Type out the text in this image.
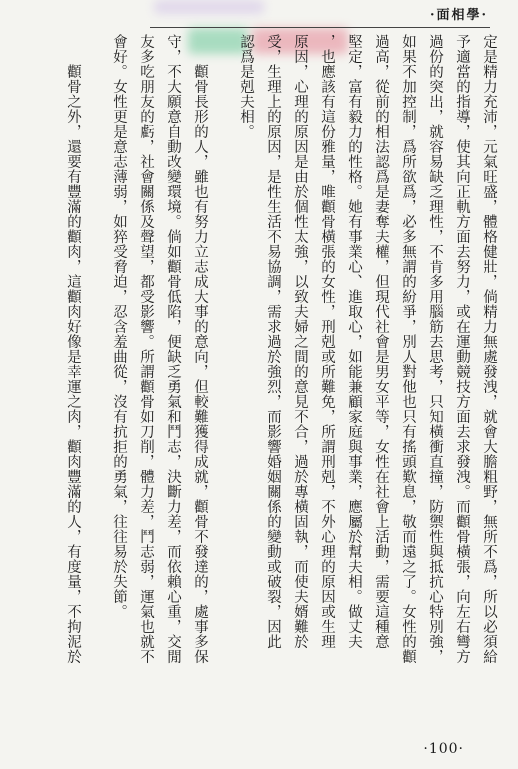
·面相學·
定是精力充沛，元氣旺盛，體格健壯，倘精力無處發洩，就會大膽粗野，無所不爲，所以必須給
予適當的指導，使其向正軌方面去努力，或在運動競技方面去求發洩。而顴骨橫張，向左右彎方
過份的突出，就容易缺乏理性，不肯多用腦筋去思考，只知橫衝直撞，防禦性與抵抗心特別強，
如果不加控制，爲所欲爲，必多無謂的紛爭，別人對他也只有搖頭歎息，敬而遠之了。女性的顴
過高，從前的相法認爲是妻奪夫權，但現代社會是男女平等，女性在社會上活動，需要這種意
堅定，富有毅力的性格。她有事業心、進取心，如能兼顧家庭與事業，應屬於幫夫相。做丈夫
，也應該有這份雅量，唯顴骨橫張的女性，刑剋或所難免，所謂刑剋，不外心理的原因或生理
原因，心理的原因是由於個性太強，以致夫婦之間的意見不合，過於專橫固執，而使夫婿難於
受，生理上的原因，是性生活不易協調，需求過於強烈，而影響婚姻關係的變動或破裂，因此
認爲是剋夫相。
　　顴骨長形的人，雖也有努力立志成大事的意向，但較難獲得成就，顴骨不發達的，處事多保
守，不大願意自動改變環境。倘如顴骨低陷，便缺乏勇氣和鬥志，決斷力差，而依賴心重，交閒
友多吃朋友的虧，社會關係及聲望，都受影響。所謂顴骨如刀削，體力差，鬥志弱，運氣也就不
會好。女性更是意志薄弱，如猝受脅迫，忍含羞曲從，沒有抗拒的勇氣，往往易於失節。
　　顴骨之外，還要有豐滿的顴肉，這顴肉好像是幸運之肉，顴肉豐滿的人，有度量，不拘泥於
·100·
